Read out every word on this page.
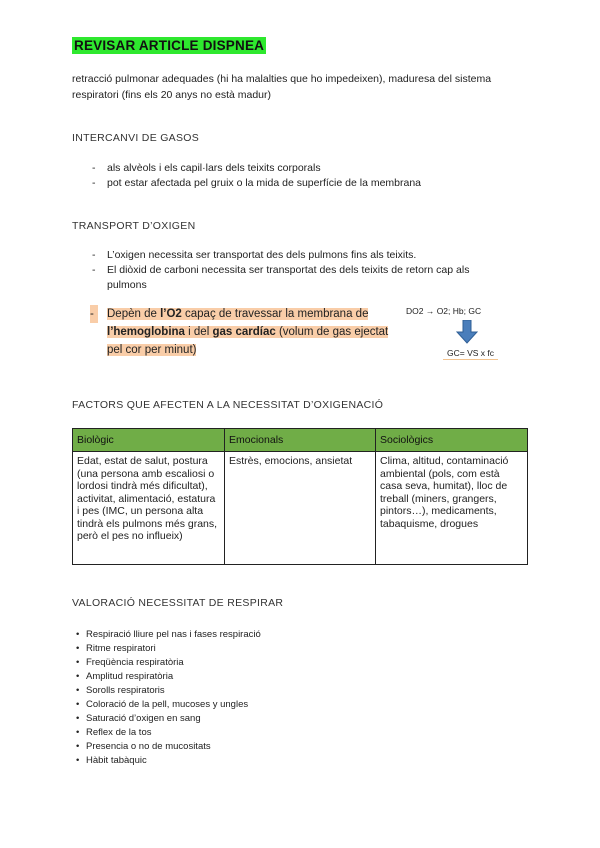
REVISAR ARTICLE DISPNEA
retracció pulmonar adequades (hi ha malalties que ho impedeixen), maduresa del sistema respiratori (fins els 20 anys no està madur)
INTERCANVI DE GASOS
- als alvèols i els capil·lars dels teixits corporals
- pot estar afectada pel gruix o la mida de superfície de la membrana
TRANSPORT D’OXIGEN
- L’oxigen necessita ser transportat des dels pulmons fins als teixits.
- El diòxid de carboni necessita ser transportat des dels teixits de retorn cap als pulmons
-	Depèn de l’O2 capaç de travessar la membrana de l’hemoglobina i del gas cardíac (volum de gas ejectat pel cor per minut)
DO2 → O2; Hb; GC
GC= VS x fc
FACTORS QUE AFECTEN A LA NECESSITAT D’OXIGENACIÓ
Biològic	Emocionals	Sociològics
Edat, estat de salut, postura (una persona amb escaliosi o lordosi tindrà més dificultat), activitat, alimentació, estatura i pes (IMC, un persona alta tindrà els pulmons més grans, però el pes no influeix)	Estrès, emocions, ansietat	Clima, altitud, contaminació ambiental (pols, com està casa seva, humitat), lloc de treball (miners, grangers, pintors…), medicaments, tabaquisme, drogues
VALORACIÓ NECESSITAT DE RESPIRAR
• Respiració lliure pel nas i fases respiració
• Ritme respiratori
• Freqüència respiratòria
• Amplitud respiratòria
• Sorolls respiratoris
• Coloració de la pell, mucoses y ungles
• Saturació d’oxigen en sang
• Reflex de la tos
• Presencia o no de mucositats
• Hàbit tabàquic
